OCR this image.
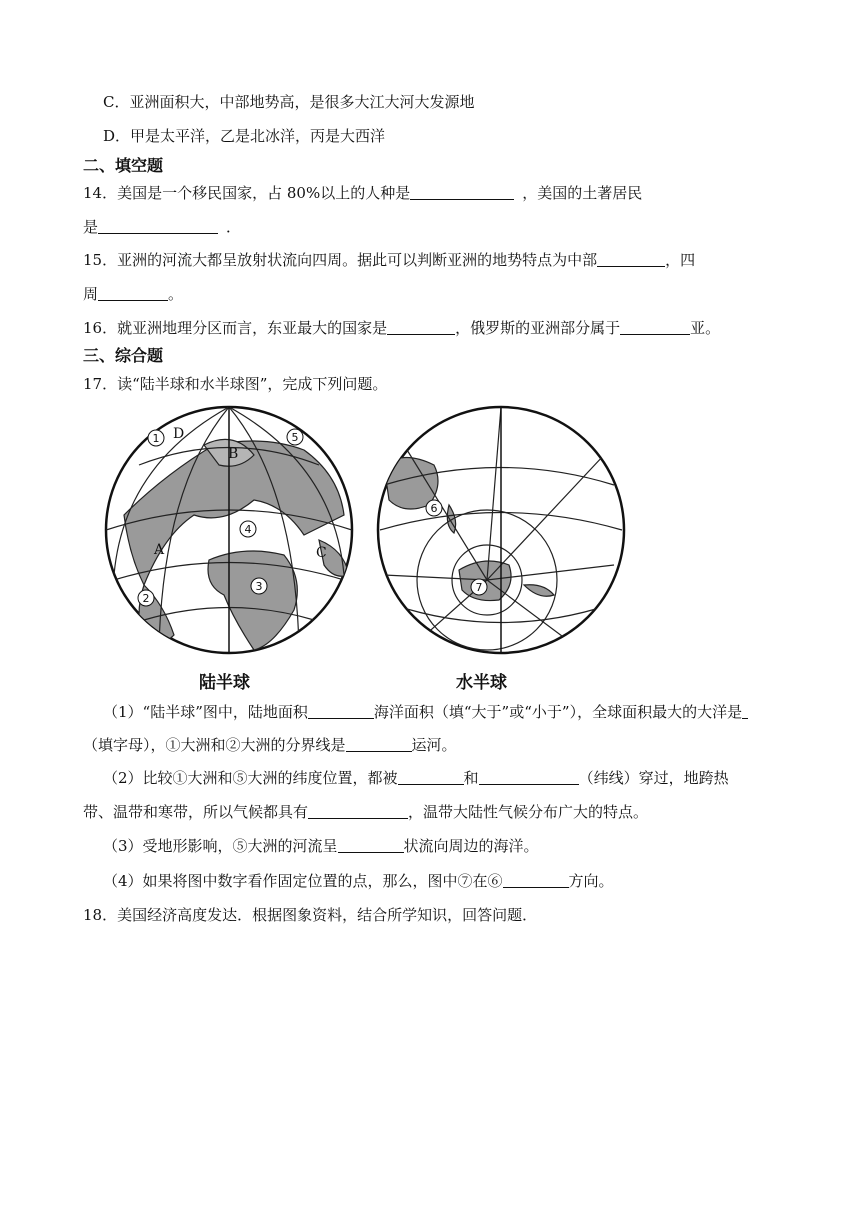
C．亚洲面积大，中部地势高，是很多大江大河大发源地
D．甲是太平洋，乙是北冰洋，丙是大西洋
二、填空题
14．美国是一个移民国家，占 80%以上的人种是	，美国的土著居民
是	．
15．亚洲的河流大都呈放射状流向四周。据此可以判断亚洲的地势特点为中部	，四
周	。
16．就亚洲地理分区而言，东亚最大的国家是	，俄罗斯的亚洲部分属于	亚。
三、综合题
17．读“陆半球和水半球图”，完成下列问题。
D
B
A	C
1
2
3
4
5
6
7
陆半球	水半球
（1）“陆半球”图中，陆地面积	海洋面积（填“大于”或“小于”），全球面积最大的大洋是
（填字母），①大洲和②大洲的分界线是	运河。
（2）比较①大洲和⑤大洲的纬度位置，都被	和	（纬线）穿过，地跨热
带、温带和寒带，所以气候都具有	，温带大陆性气候分布广大的特点。
（3）受地形影响，⑤大洲的河流呈	状流向周边的海洋。
（4）如果将图中数字看作固定位置的点，那么，图中⑦在⑥	方向。
18．美国经济高度发达．根据图象资料，结合所学知识，回答问题．
